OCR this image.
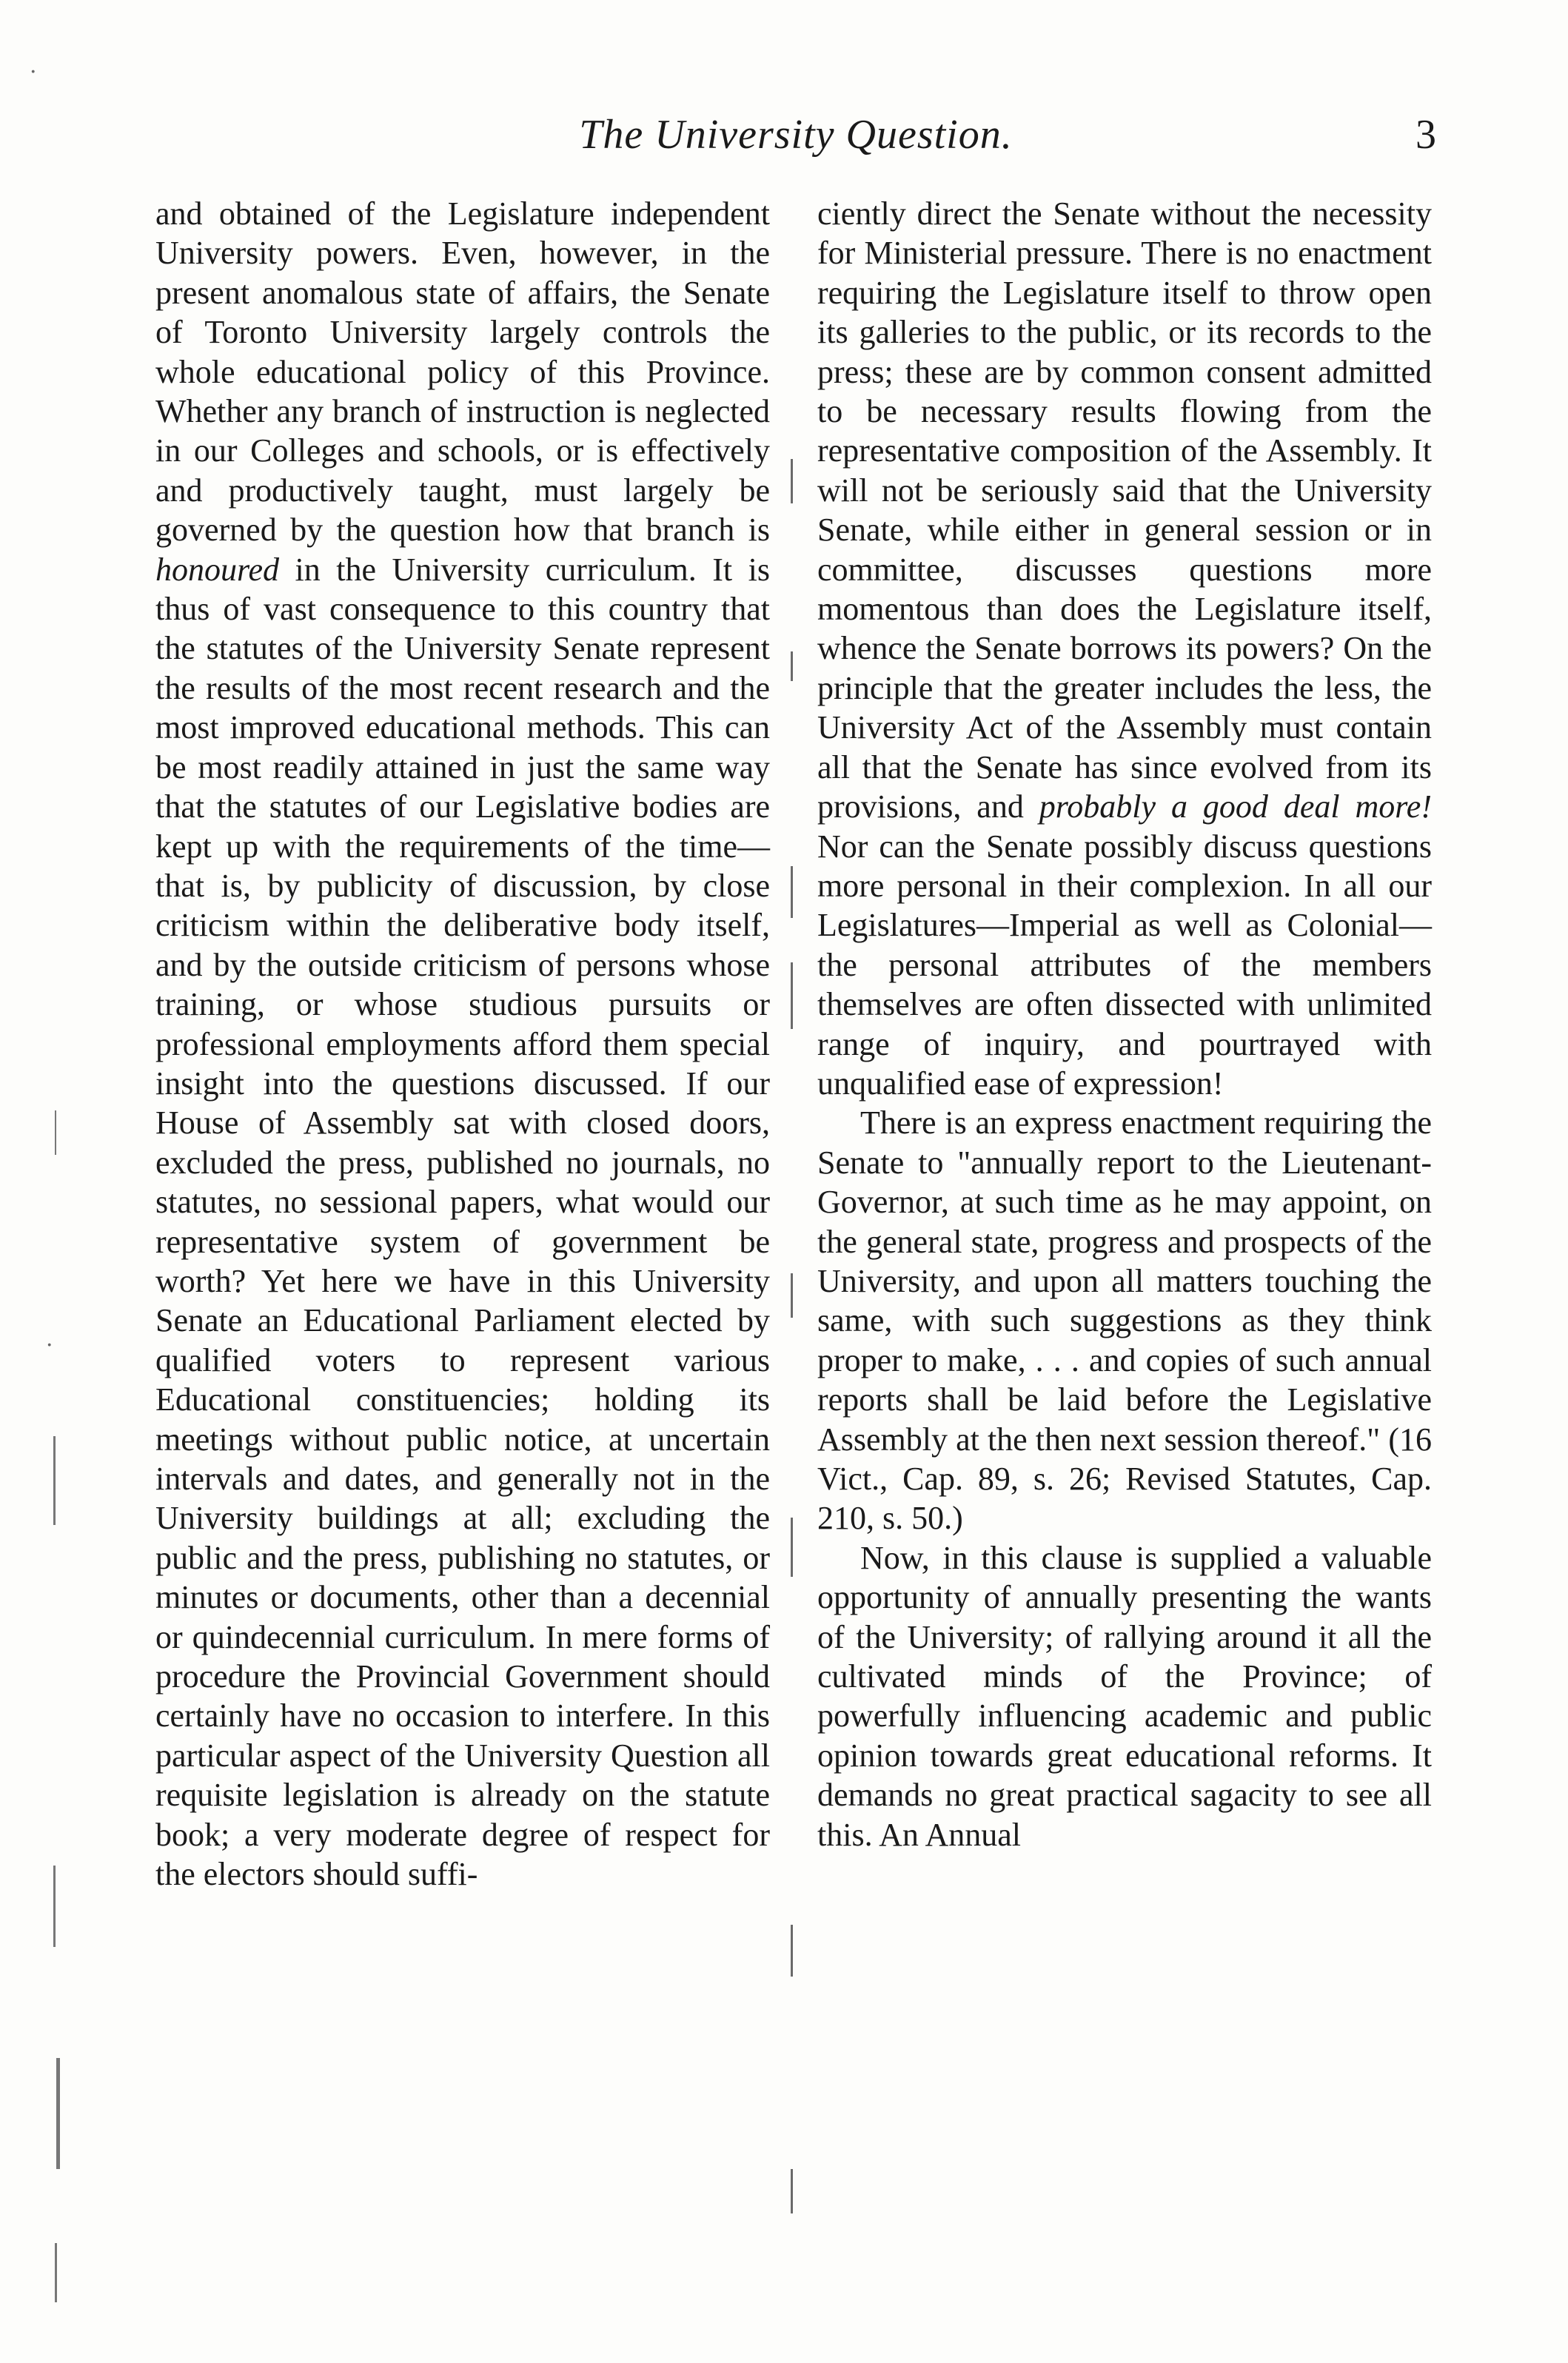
The University Question.	3

and obtained of the Legislature independent University powers. Even, however, in the present anomalous state of affairs, the Senate of Toronto University largely controls the whole educational policy of this Province. Whether any branch of instruction is neglected in our Colleges and schools, or is effectively and productively taught, must largely be governed by the question how that branch is honoured in the University curriculum. It is thus of vast consequence to this country that the statutes of the University Senate represent the results of the most recent research and the most improved educational methods. This can be most readily attained in just the same way that the statutes of our Legislative bodies are kept up with the requirements of the time—that is, by publicity of discussion, by close criticism within the deliberative body itself, and by the outside criticism of persons whose training, or whose studious pursuits or professional employments afford them special insight into the questions discussed. If our House of Assembly sat with closed doors, excluded the press, published no journals, no statutes, no sessional papers, what would our representative system of government be worth? Yet here we have in this University Senate an Educational Parliament elected by qualified voters to represent various Educational constituencies; holding its meetings without public notice, at uncertain intervals and dates, and generally not in the University buildings at all; excluding the public and the press, publishing no statutes, or minutes or documents, other than a decennial or quindecennial curriculum. In mere forms of procedure the Provincial Government should certainly have no occasion to interfere. In this particular aspect of the University Question all requisite legislation is already on the statute book; a very moderate degree of respect for the electors should suffi-

ciently direct the Senate without the necessity for Ministerial pressure. There is no enactment requiring the Legislature itself to throw open its galleries to the public, or its records to the press; these are by common consent admitted to be necessary results flowing from the representative composition of the Assembly. It will not be seriously said that the University Senate, while either in general session or in committee, discusses questions more momentous than does the Legislature itself, whence the Senate borrows its powers? On the principle that the greater includes the less, the University Act of the Assembly must contain all that the Senate has since evolved from its provisions, and probably a good deal more! Nor can the Senate possibly discuss questions more personal in their complexion. In all our Legislatures—Imperial as well as Colonial—the personal attributes of the members themselves are often dissected with unlimited range of inquiry, and pourtrayed with unqualified ease of expression!

There is an express enactment requiring the Senate to "annually report to the Lieutenant-Governor, at such time as he may appoint, on the general state, progress and prospects of the University, and upon all matters touching the same, with such suggestions as they think proper to make, . . . and copies of such annual reports shall be laid before the Legislative Assembly at the then next session thereof." (16 Vict., Cap. 89, s. 26; Revised Statutes, Cap. 210, s. 50.)

Now, in this clause is supplied a valuable opportunity of annually presenting the wants of the University; of rallying around it all the cultivated minds of the Province; of powerfully influencing academic and public opinion towards great educational reforms. It demands no great practical sagacity to see all this. An Annual

·
·
